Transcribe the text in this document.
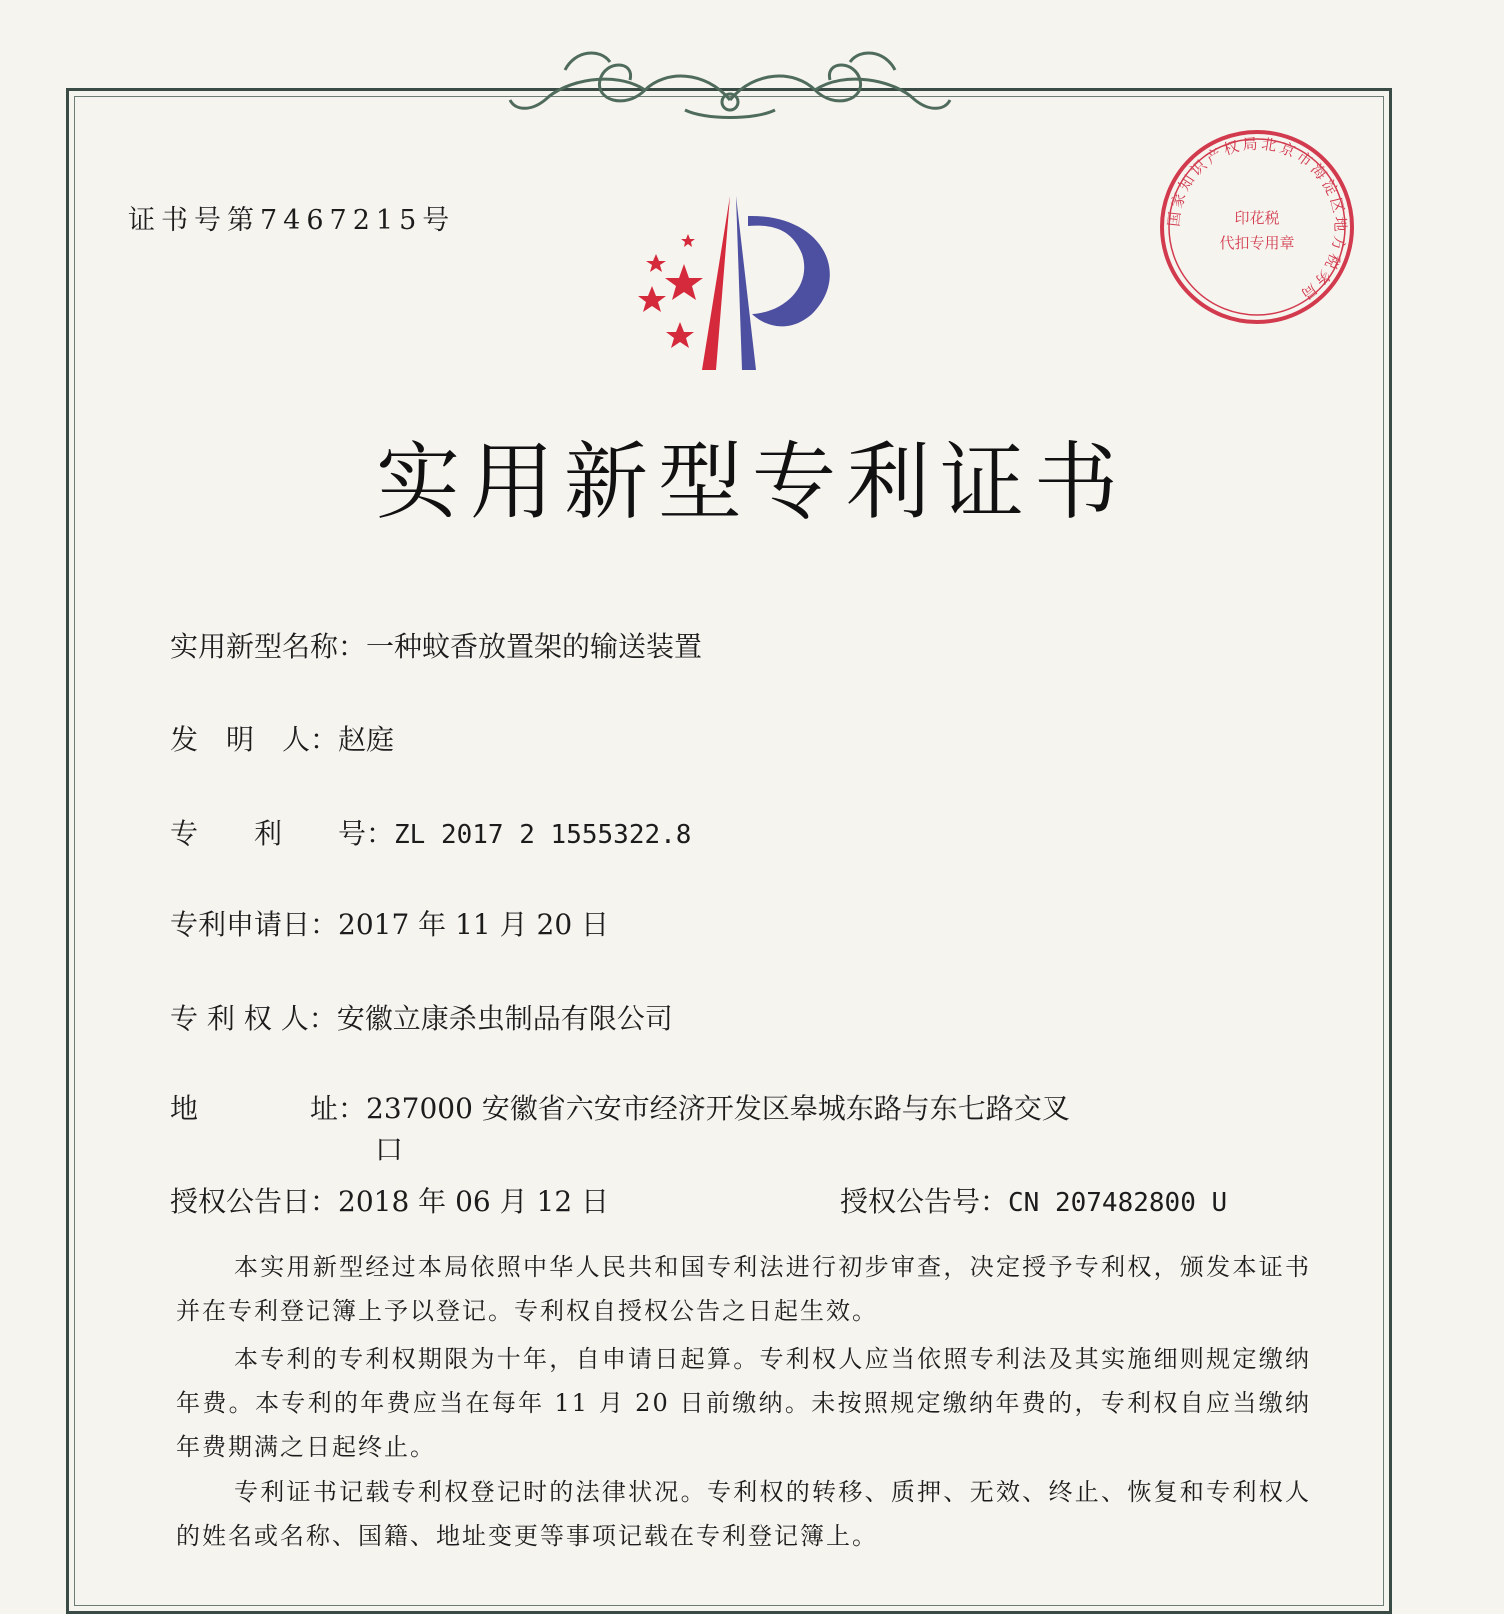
证书号第7467215号	国家知识产权局北京市海淀区地方税务局
印花税
代扣专用章
实用新型专利证书
实用新型名称：一种蚊香放置架的输送装置
发　明　人：赵庭
专　　利　　号：ZL 2017 2 1555322.8
专利申请日：2017 年 11 月 20 日
专 利 权 人：安徽立康杀虫制品有限公司
地　　　　址：237000 安徽省六安市经济开发区皋城东路与东七路交叉
口
授权公告日：2018 年 06 月 12 日	授权公告号：CN 207482800 U
本实用新型经过本局依照中华人民共和国专利法进行初步审查，决定授予专利权，颁发本证书并在专利登记簿上予以登记。专利权自授权公告之日起生效。
本专利的专利权期限为十年，自申请日起算。专利权人应当依照专利法及其实施细则规定缴纳年费。本专利的年费应当在每年 11 月 20 日前缴纳。未按照规定缴纳年费的，专利权自应当缴纳年费期满之日起终止。
专利证书记载专利权登记时的法律状况。专利权的转移、质押、无效、终止、恢复和专利权人的姓名或名称、国籍、地址变更等事项记载在专利登记簿上。
